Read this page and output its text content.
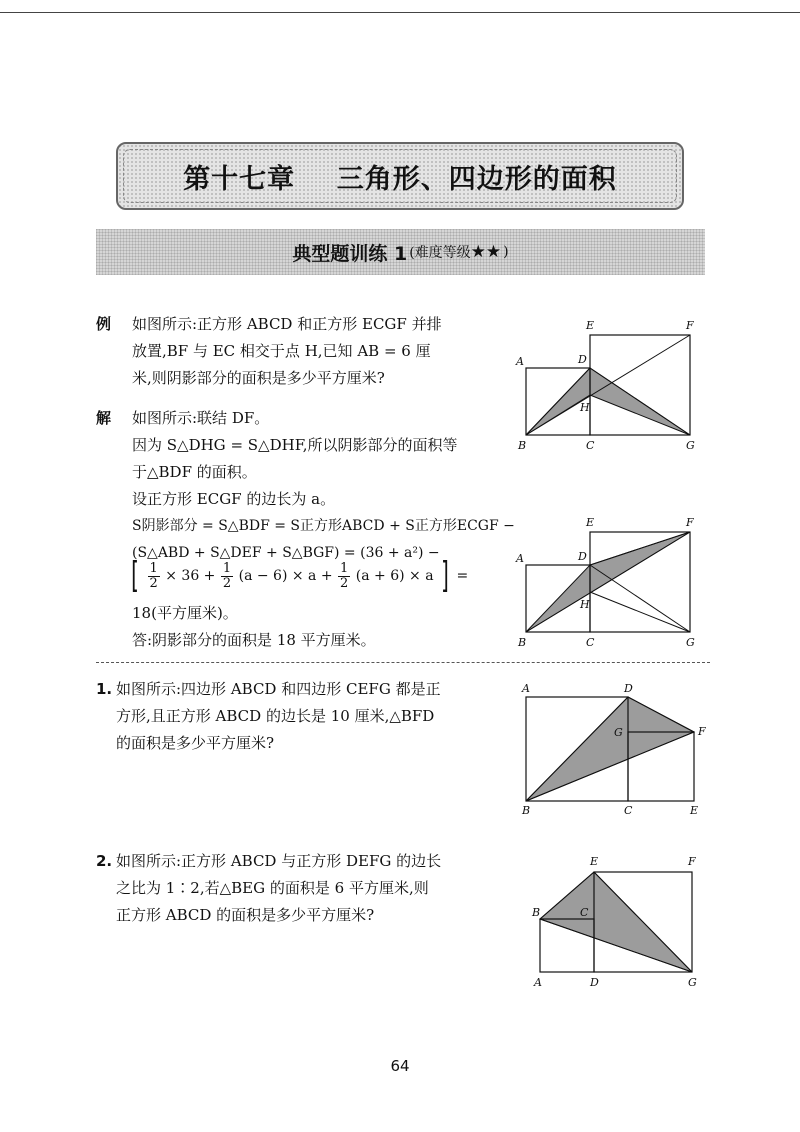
第十七章    三角形、四边形的面积
典型题训练 1 (难度等级 ★★ )
例 如图所示:正方形 ABCD 和正方形 ECGF 并排
放置,BF 与 EC 相交于点 H,已知 AB = 6 厘
米,则阴影部分的面积是多少平方厘米?
解 如图所示:联结 DF。
因为 S△DHG = S△DHF,所以阴影部分的面积等
于△BDF 的面积。
设正方形 ECGF 的边长为 a。
S阴影部分 = S△BDF = S正方形ABCD + S正方形ECGF −
(S△ABD + S△DEF + S△BGF) = (36 + a²) −
[ $\frac{1}{2} \times 36 + \frac{1}{2} (a - 6) \times a + \frac{1}{2} (a + 6) \times a$ ] =
18(平方厘米)。
答:阴影部分的面积是 18 平方厘米。
1. 如图所示:四边形 ABCD 和四边形 CEFG 都是正
方形,且正方形 ABCD 的边长是 10 厘米,△BFD
的面积是多少平方厘米?
2. 如图所示:正方形 ABCD 与正方形 DEFG 的边长
之比为 1∶2,若△BEG 的面积是 6 平方厘米,则
正方形 ABCD 的面积是多少平方厘米?
A
B	C
D
E	F
G
H
A
B	C
D
E	F
G
H
A	D
G	F
B	C	E
E	F
B	C
A	D	G
64
